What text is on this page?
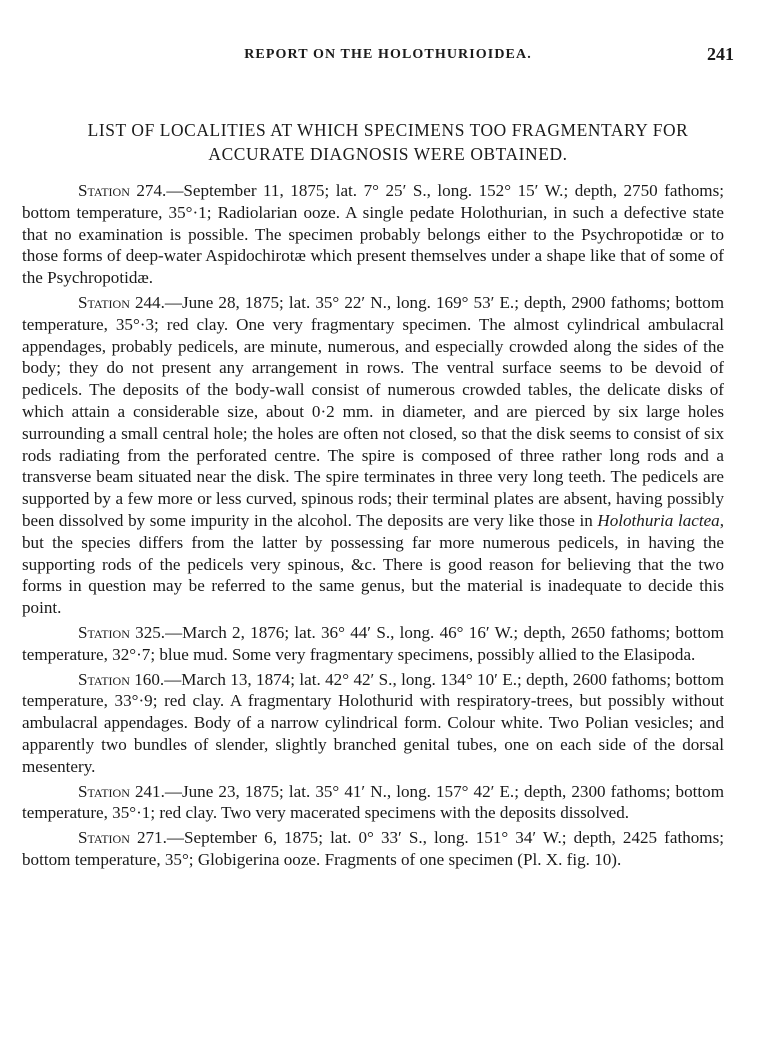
REPORT ON THE HOLOTHURIOIDEA.	241
LIST OF LOCALITIES AT WHICH SPECIMENS TOO FRAGMENTARY FOR
ACCURATE DIAGNOSIS WERE OBTAINED.

Station 274.—September 11, 1875; lat. 7° 25′ S., long. 152° 15′ W.; depth, 2750 fathoms; bottom temperature, 35°·1; Radiolarian ooze. A single pedate Holothurian, in such a defective state that no examination is possible. The specimen probably belongs either to the Psychropotidæ or to those forms of deep-water Aspidochirotæ which present themselves under a shape like that of some of the Psychropotidæ.

Station 244.—June 28, 1875; lat. 35° 22′ N., long. 169° 53′ E.; depth, 2900 fathoms; bottom temperature, 35°·3; red clay. One very fragmentary specimen. The almost cylindrical ambulacral appendages, probably pedicels, are minute, numerous, and especially crowded along the sides of the body; they do not present any arrangement in rows. The ventral surface seems to be devoid of pedicels. The deposits of the body-wall consist of numerous crowded tables, the delicate disks of which attain a considerable size, about 0·2 mm. in diameter, and are pierced by six large holes surrounding a small central hole; the holes are often not closed, so that the disk seems to consist of six rods radiating from the perforated centre. The spire is composed of three rather long rods and a transverse beam situated near the disk. The spire terminates in three very long teeth. The pedicels are supported by a few more or less curved, spinous rods; their terminal plates are absent, having possibly been dissolved by some impurity in the alcohol. The deposits are very like those in Holothuria lactea, but the species differs from the latter by possessing far more numerous pedicels, in having the supporting rods of the pedicels very spinous, &c. There is good reason for believing that the two forms in question may be referred to the same genus, but the material is inadequate to decide this point.

Station 325.—March 2, 1876; lat. 36° 44′ S., long. 46° 16′ W.; depth, 2650 fathoms; bottom temperature, 32°·7; blue mud. Some very fragmentary specimens, possibly allied to the Elasipoda.

Station 160.—March 13, 1874; lat. 42° 42′ S., long. 134° 10′ E.; depth, 2600 fathoms; bottom temperature, 33°·9; red clay. A fragmentary Holothurid with respiratory-trees, but possibly without ambulacral appendages. Body of a narrow cylindrical form. Colour white. Two Polian vesicles; and apparently two bundles of slender, slightly branched genital tubes, one on each side of the dorsal mesentery.

Station 241.—June 23, 1875; lat. 35° 41′ N., long. 157° 42′ E.; depth, 2300 fathoms; bottom temperature, 35°·1; red clay. Two very macerated specimens with the deposits dissolved.

Station 271.—September 6, 1875; lat. 0° 33′ S., long. 151° 34′ W.; depth, 2425 fathoms; bottom temperature, 35°; Globigerina ooze. Fragments of one specimen (Pl. X. fig. 10).
